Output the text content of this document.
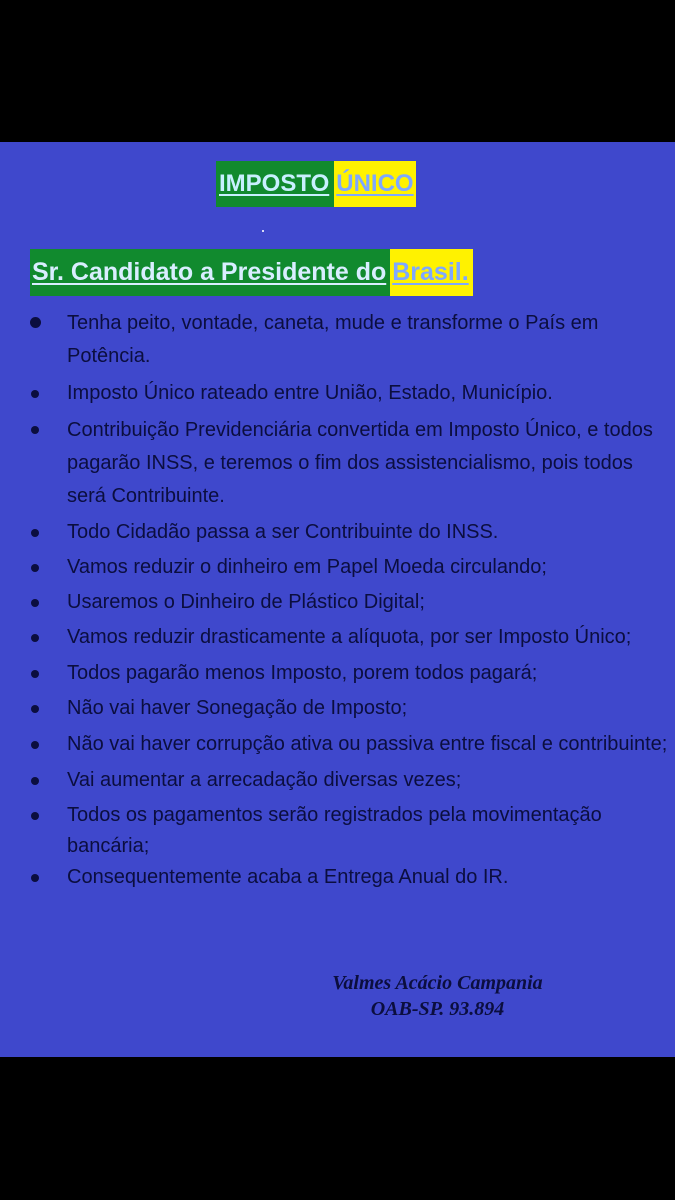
IMPOSTO ÚNICO
Sr. Candidato a Presidente do Brasil.
Tenha peito, vontade, caneta, mude e transforme o País em Potência.
Imposto Único rateado entre União, Estado, Município.
Contribuição Previdenciária convertida em Imposto Único, e todos pagarão INSS, e teremos o fim dos assistencialismo, pois todos será Contribuinte.
Todo Cidadão passa a ser Contribuinte do INSS.
Vamos reduzir o dinheiro em Papel Moeda circulando;
Usaremos o Dinheiro de Plástico Digital;
Vamos reduzir drasticamente a alíquota, por ser Imposto Único;
Todos pagarão menos Imposto, porem todos pagará;
Não vai haver Sonegação de Imposto;
Não vai haver corrupção ativa ou passiva entre fiscal e contribuinte;
Vai aumentar a arrecadação diversas vezes;
Todos os pagamentos serão registrados pela movimentação bancária;
Consequentemente acaba a Entrega Anual do IR.
Valmes Acácio Campania
OAB-SP. 93.894
